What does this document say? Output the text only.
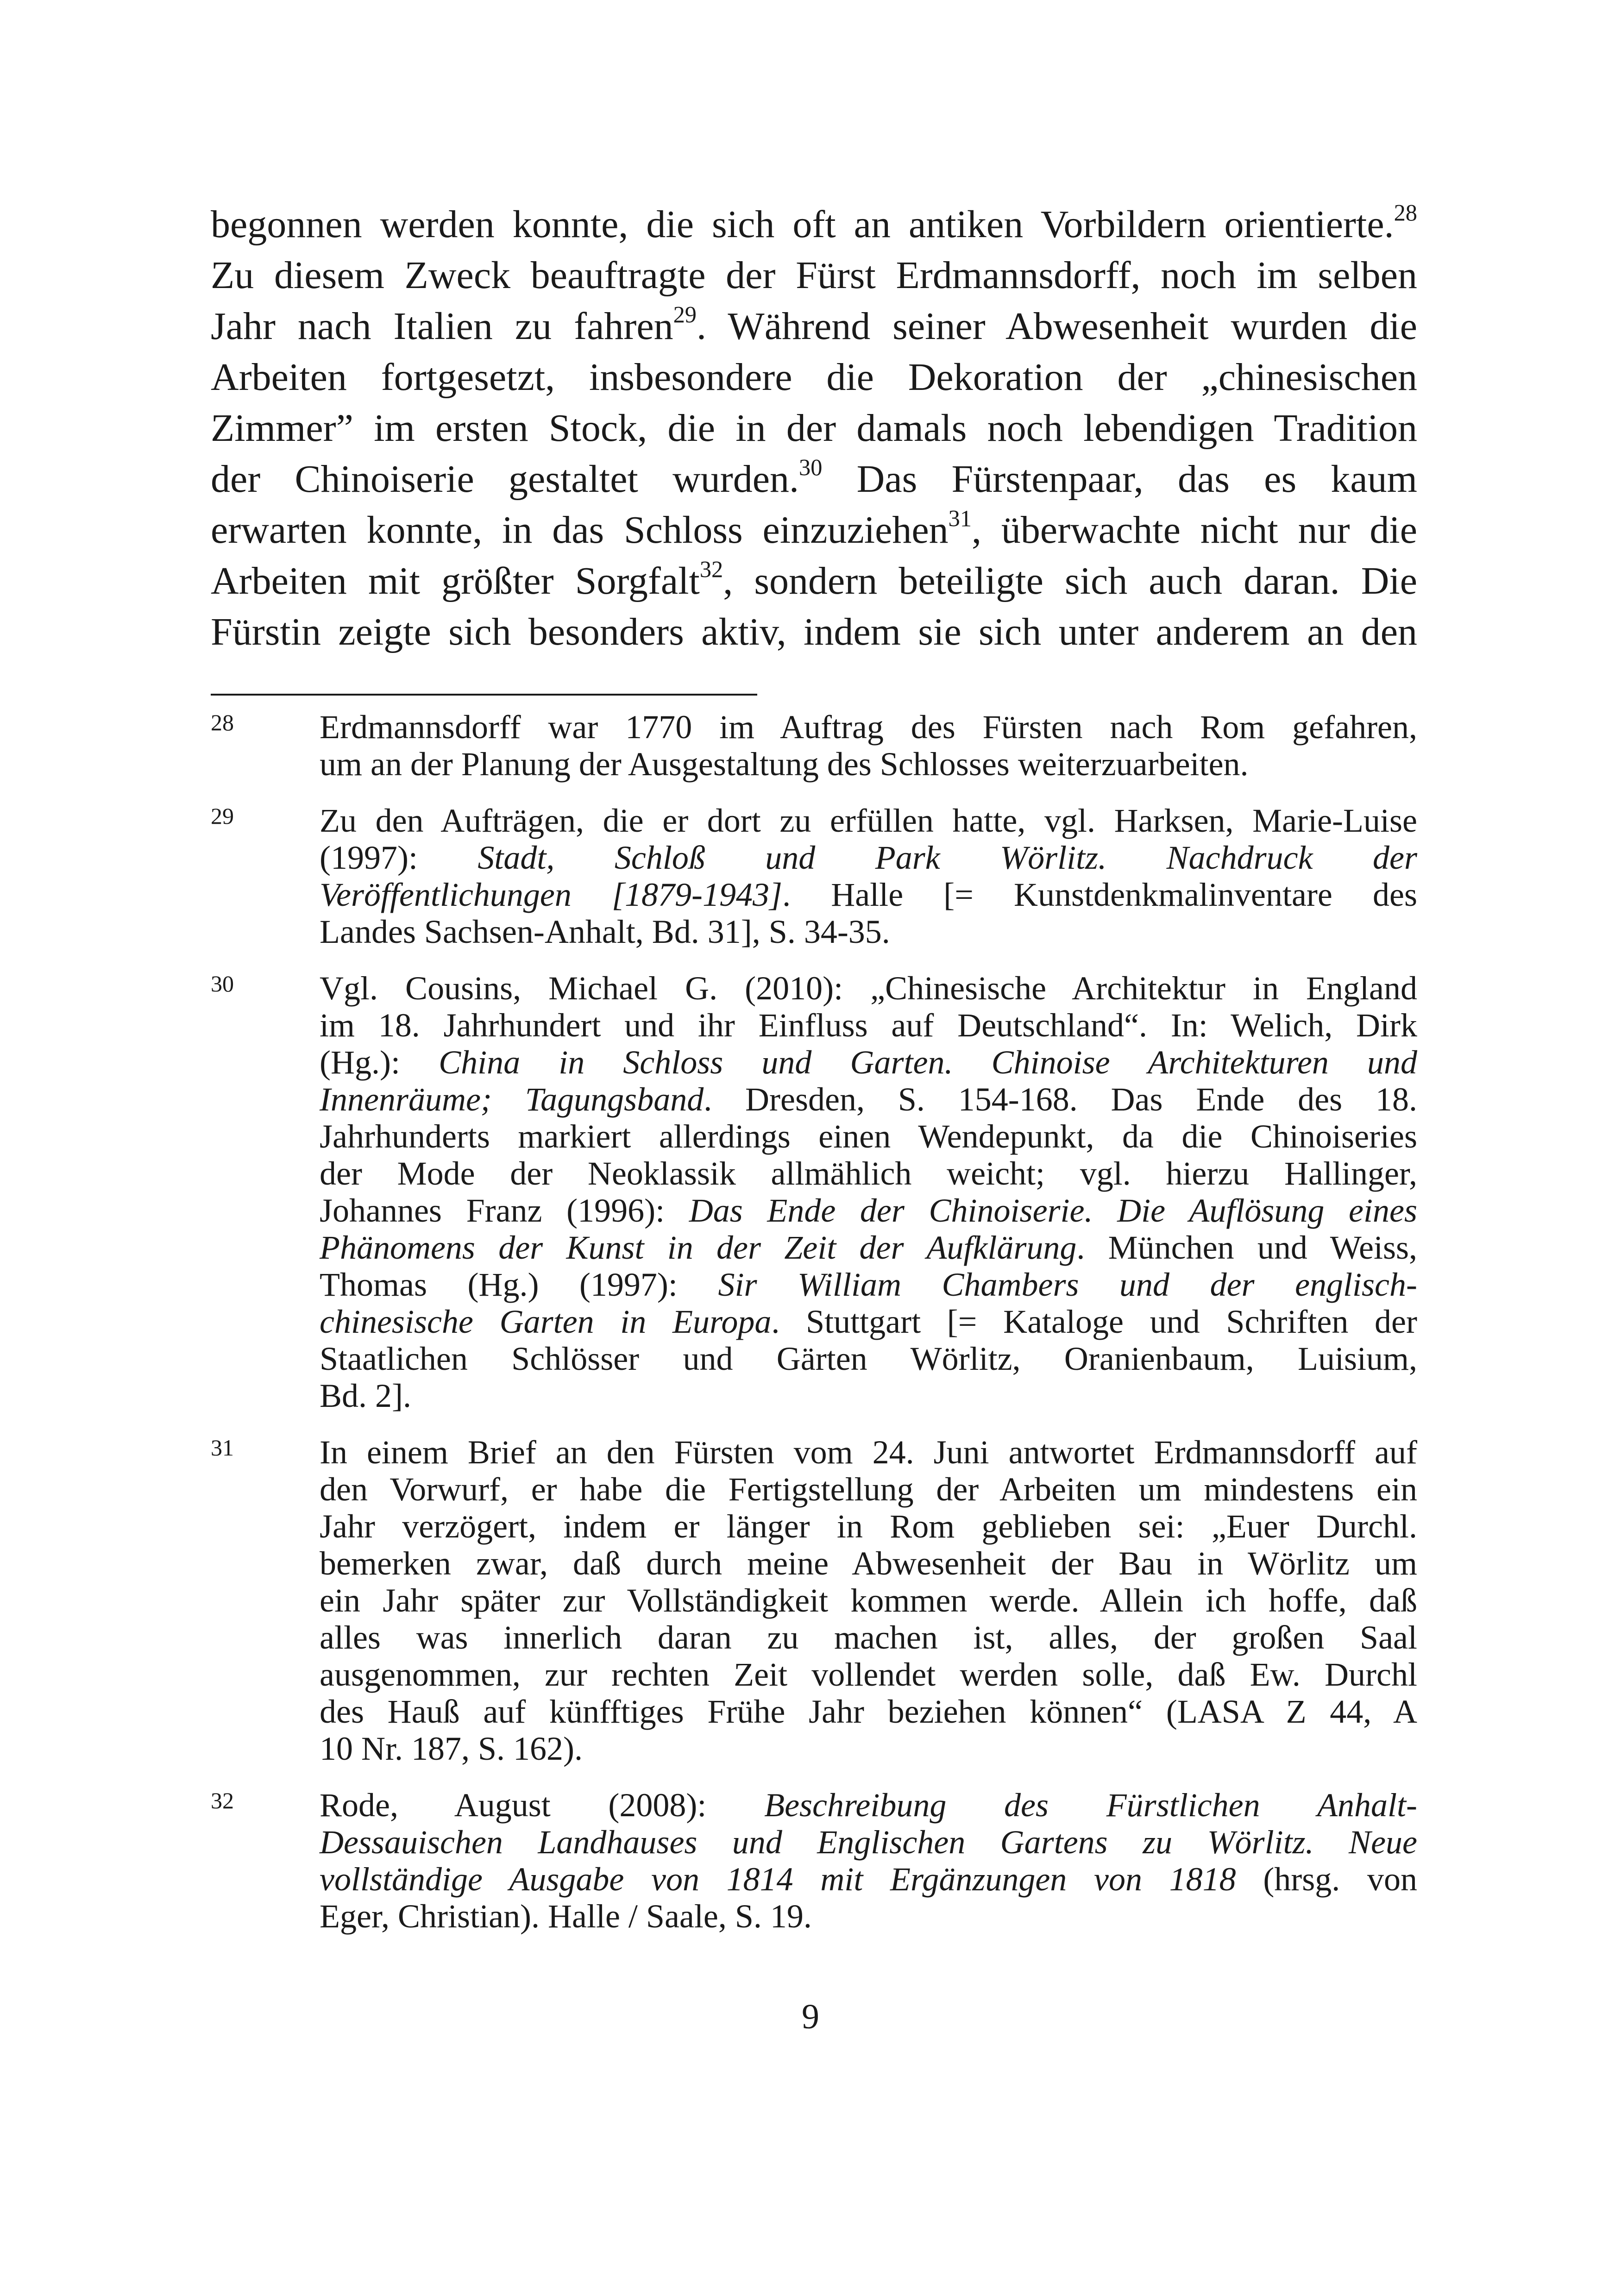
begonnen werden konnte, die sich oft an antiken Vorbildern orientierte.$^{28}$
Zu diesem Zweck beauftragte der Fürst Erdmannsdorff, noch im selben
Jahr nach Italien zu fahren$^{29}$. Während seiner Abwesenheit wurden die
Arbeiten fortgesetzt, insbesondere die Dekoration der „chinesischen
Zimmer” im ersten Stock, die in der damals noch lebendigen Tradition
der Chinoiserie gestaltet wurden.$^{30}$ Das Fürstenpaar, das es kaum
erwarten konnte, in das Schloss einzuziehen$^{31}$, überwachte nicht nur die
Arbeiten mit größter Sorgfalt$^{32}$, sondern beteiligte sich auch daran. Die
Fürstin zeigte sich besonders aktiv, indem sie sich unter anderem an den
28	Erdmannsdorff war 1770 im Auftrag des Fürsten nach Rom gefahren,
um an der Planung der Ausgestaltung des Schlosses weiterzuarbeiten.
29	Zu den Aufträgen, die er dort zu erfüllen hatte, vgl. Harksen, Marie-Luise
(1997): Stadt, Schloß und Park Wörlitz. Nachdruck der
Veröffentlichungen [1879-1943]. Halle [= Kunstdenkmalinventare des
Landes Sachsen-Anhalt, Bd. 31], S. 34-35.
30	Vgl. Cousins, Michael G. (2010): „Chinesische Architektur in England
im 18. Jahrhundert und ihr Einfluss auf Deutschland“. In: Welich, Dirk
(Hg.): China in Schloss und Garten. Chinoise Architekturen und
Innenräume; Tagungsband. Dresden, S. 154-168. Das Ende des 18.
Jahrhunderts markiert allerdings einen Wendepunkt, da die Chinoiseries
der Mode der Neoklassik allmählich weicht; vgl. hierzu Hallinger,
Johannes Franz (1996): Das Ende der Chinoiserie. Die Auflösung eines
Phänomens der Kunst in der Zeit der Aufklärung. München und Weiss,
Thomas (Hg.) (1997): Sir William Chambers und der englisch-
chinesische Garten in Europa. Stuttgart [= Kataloge und Schriften der
Staatlichen Schlösser und Gärten Wörlitz, Oranienbaum, Luisium,
Bd. 2].
31	In einem Brief an den Fürsten vom 24. Juni antwortet Erdmannsdorff auf
den Vorwurf, er habe die Fertigstellung der Arbeiten um mindestens ein
Jahr verzögert, indem er länger in Rom geblieben sei: „Euer Durchl.
bemerken zwar, daß durch meine Abwesenheit der Bau in Wörlitz um
ein Jahr später zur Vollständigkeit kommen werde. Allein ich hoffe, daß
alles was innerlich daran zu machen ist, alles, der großen Saal
ausgenommen, zur rechten Zeit vollendet werden solle, daß Ew. Durchl
des Hauß auf künfftiges Frühe Jahr beziehen können“ (LASA Z 44, A
10 Nr. 187, S. 162).
32	Rode, August (2008): Beschreibung des Fürstlichen Anhalt-
Dessauischen Landhauses und Englischen Gartens zu Wörlitz. Neue
vollständige Ausgabe von 1814 mit Ergänzungen von 1818 (hrsg. von
Eger, Christian). Halle / Saale, S. 19.
9
